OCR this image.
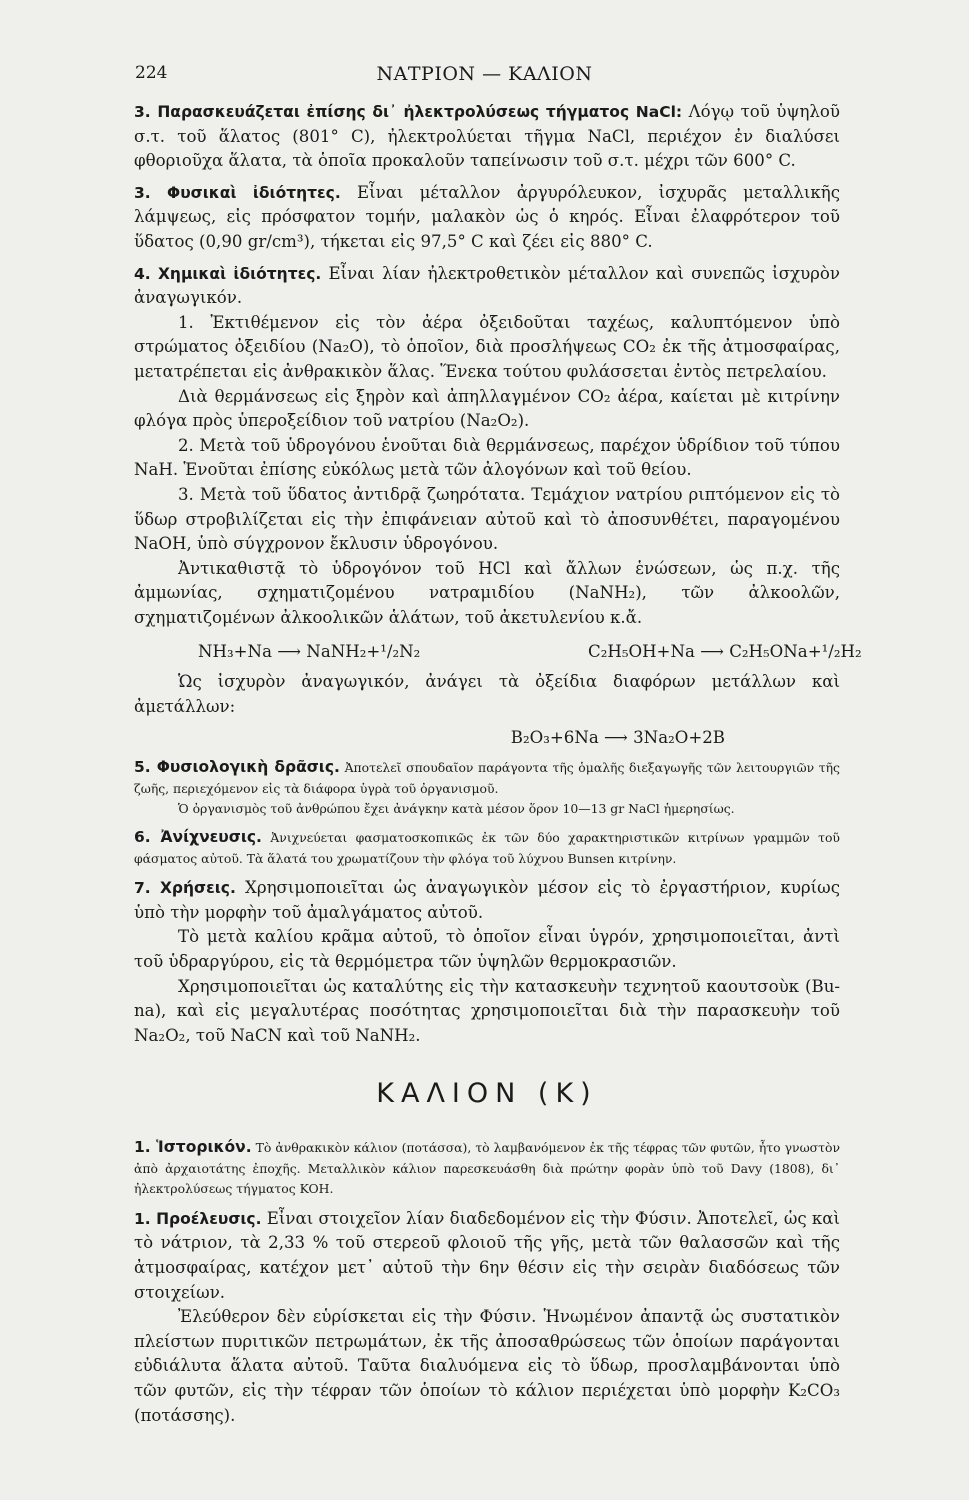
224	ΝΑΤΡΙΟΝ — ΚΑΛΙΟΝ

3. Παρασκευάζεται ἐπίσης δι᾽ ἠλεκτρολύσεως τήγματος NaCl: Λόγῳ τοῦ ὑψηλοῦ σ.τ. τοῦ ἅλατος (801° C), ἠλεκτρολύεται τῆγμα NaCl, περιέχον ἐν διαλύσει φθοριοῦχα ἅλατα, τὰ ὁποῖα προκαλοῦν ταπείνωσιν τοῦ σ.τ. μέχρι τῶν 600° C.

3. Φυσικαὶ ἰδιότητες. Εἶναι μέταλλον ἀργυρόλευκον, ἰσχυρᾶς μεταλλικῆς λάμψεως, εἰς πρόσφατον τομήν, μαλακὸν ὡς ὁ κηρός. Εἶναι ἐλαφρότερον τοῦ ὕδατος (0,90 gr/cm³), τήκεται εἰς 97,5° C καὶ ζέει εἰς 880° C.

4. Χημικαὶ ἰδιότητες. Εἶναι λίαν ἠλεκτροθετικὸν μέταλλον καὶ συνεπῶς ἰσχυρὸν ἀναγωγικόν.

1. Ἐκτιθέμενον εἰς τὸν ἀέρα ὀξειδοῦται ταχέως, καλυπτόμενον ὑπὸ στρώματος ὀξειδίου (Na₂O), τὸ ὁποῖον, διὰ προσλήψεως CO₂ ἐκ τῆς ἀτμοσφαίρας, μετατρέπεται εἰς ἀνθρακικὸν ἅλας. Ἕνεκα τούτου φυλάσσεται ἐντὸς πετρελαίου.

Διὰ θερμάνσεως εἰς ξηρὸν καὶ ἀπηλλαγμένον CO₂ ἀέρα, καίεται μὲ κιτρίνην φλόγα πρὸς ὑπεροξείδιον τοῦ νατρίου (Na₂O₂).

2. Μετὰ τοῦ ὑδρογόνου ἑνοῦται διὰ θερμάνσεως, παρέχον ὑδρίδιον τοῦ τύπου NaH. Ἑνοῦται ἐπίσης εὐκόλως μετὰ τῶν ἀλογόνων καὶ τοῦ θείου.

3. Μετὰ τοῦ ὕδατος ἀντιδρᾷ ζωηρότατα. Τεμάχιον νατρίου ριπτόμενον εἰς τὸ ὕδωρ στροβιλίζεται εἰς τὴν ἐπιφάνειαν αὐτοῦ καὶ τὸ ἀποσυνθέτει, παραγομένου NaOH, ὑπὸ σύγχρονον ἔκλυσιν ὑδρογόνου.

Ἀντικαθιστᾷ τὸ ὑδρογόνον τοῦ HCl καὶ ἄλλων ἑνώσεων, ὡς π.χ. τῆς ἀμμωνίας, σχηματιζομένου νατραμιδίου (NaNH₂), τῶν ἀλκοολῶν, σχηματιζομένων ἀλκοολικῶν ἁλάτων, τοῦ ἀκετυλενίου κ.ἄ.

NH₃+Na ⟶ NaNH₂+¹/₂N₂	C₂H₅OH+Na ⟶ C₂H₅ONa+¹/₂H₂

Ὡς ἰσχυρὸν ἀναγωγικόν, ἀνάγει τὰ ὀξείδια διαφόρων μετάλλων καὶ ἀμετάλλων:

B₂O₃+6Na ⟶ 3Na₂O+2B

5. Φυσιολογικὴ δρᾶσις. Ἀποτελεῖ σπουδαῖον παράγοντα τῆς ὁμαλῆς διεξαγωγῆς τῶν λειτουργιῶν τῆς ζωῆς, περιεχόμενον εἰς τὰ διάφορα ὑγρὰ τοῦ ὀργανισμοῦ.

Ὁ ὀργανισμὸς τοῦ ἀνθρώπου ἔχει ἀνάγκην κατὰ μέσον ὅρον 10—13 gr NaCl ἡμερησίως.

6. Ἀνίχνευσις. Ἀνιχνεύεται φασματοσκοπικῶς ἐκ τῶν δύο χαρακτηριστικῶν κιτρίνων γραμμῶν τοῦ φάσματος αὐτοῦ. Τὰ ἅλατά του χρωματίζουν τὴν φλόγα τοῦ λύχνου Bunsen κιτρίνην.

7. Χρήσεις. Χρησιμοποιεῖται ὡς ἀναγωγικὸν μέσον εἰς τὸ ἐργαστήριον, κυρίως ὑπὸ τὴν μορφὴν τοῦ ἀμαλγάματος αὐτοῦ.

Τὸ μετὰ καλίου κρᾶμα αὐτοῦ, τὸ ὁποῖον εἶναι ὑγρόν, χρησιμοποιεῖται, ἀντὶ τοῦ ὑδραργύρου, εἰς τὰ θερμόμετρα τῶν ὑψηλῶν θερμοκρασιῶν.

Χρησιμοποιεῖται ὡς καταλύτης εἰς τὴν κατασκευὴν τεχνητοῦ καουτσοὺκ (Bu-na), καὶ εἰς μεγαλυτέρας ποσότητας χρησιμοποιεῖται διὰ τὴν παρασκευὴν τοῦ Na₂O₂, τοῦ NaCN καὶ τοῦ NaNH₂.

ΚΑΛΙΟΝ (K)

1. Ἱστορικόν. Τὸ ἀνθρακικὸν κάλιον (ποτάσσα), τὸ λαμβανόμενον ἐκ τῆς τέφρας τῶν φυτῶν, ἦτο γνωστὸν ἀπὸ ἀρχαιοτάτης ἐποχῆς. Μεταλλικὸν κάλιον παρεσκευάσθη διὰ πρώτην φορὰν ὑπὸ τοῦ Davy (1808), δι᾽ ἠλεκτρολύσεως τήγματος KOH.

1. Προέλευσις. Εἶναι στοιχεῖον λίαν διαδεδομένον εἰς τὴν Φύσιν. Ἀποτελεῖ, ὡς καὶ τὸ νάτριον, τὰ 2,33 % τοῦ στερεοῦ φλοιοῦ τῆς γῆς, μετὰ τῶν θαλασσῶν καὶ τῆς ἀτμοσφαίρας, κατέχον μετ᾽ αὐτοῦ τὴν 6ην θέσιν εἰς τὴν σειρὰν διαδόσεως τῶν στοιχείων.

Ἐλεύθερον δὲν εὑρίσκεται εἰς τὴν Φύσιν. Ἡνωμένον ἀπαντᾷ ὡς συστατικὸν πλείστων πυριτικῶν πετρωμάτων, ἐκ τῆς ἀποσαθρώσεως τῶν ὁποίων παράγονται εὐδιάλυτα ἅλατα αὐτοῦ. Ταῦτα διαλυόμενα εἰς τὸ ὕδωρ, προσλαμβάνονται ὑπὸ τῶν φυτῶν, εἰς τὴν τέφραν τῶν ὁποίων τὸ κάλιον περιέχεται ὑπὸ μορφὴν K₂CO₃ (ποτάσσης).
